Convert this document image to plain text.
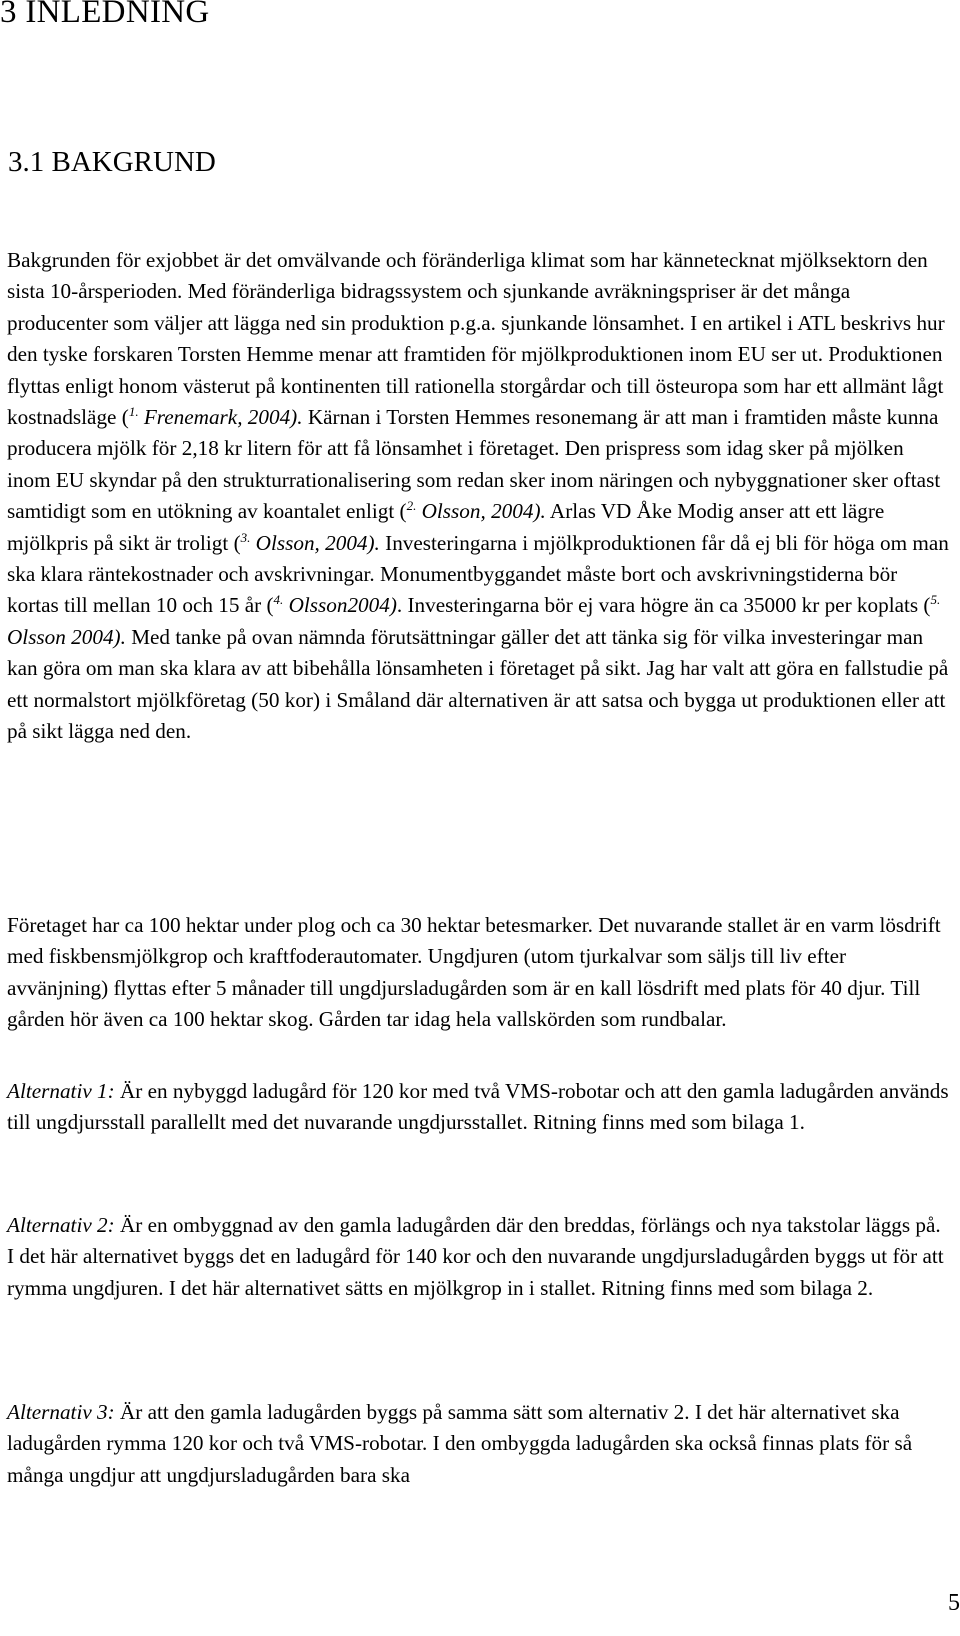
3 INLEDNING
3.1 BAKGRUND

Bakgrunden för exjobbet är det omvälvande och föränderliga klimat som har kännetecknat mjölksektorn den sista 10-årsperioden. Med föränderliga bidragssystem och sjunkande avräkningspriser är det många producenter som väljer att lägga ned sin produktion p.g.a. sjunkande lönsamhet. I en artikel i ATL beskrivs hur den tyske forskaren Torsten Hemme menar att framtiden för mjölkproduktionen inom EU ser ut. Produktionen flyttas enligt honom västerut på kontinenten till rationella storgårdar och till östeuropa som har ett allmänt lågt kostnadsläge ($^{1.}$ Frenemark, 2004). Kärnan i Torsten Hemmes resonemang är att man i framtiden måste kunna producera mjölk för 2,18 kr litern för att få lönsamhet i företaget. Den prispress som idag sker på mjölken inom EU skyndar på den strukturrationalisering som redan sker inom näringen och nybyggnationer sker oftast samtidigt som en utökning av koantalet enligt ($^{2.}$ Olsson, 2004). Arlas VD Åke Modig anser att ett lägre mjölkpris på sikt är troligt ($^{3.}$ Olsson, 2004). Investeringarna i mjölkproduktionen får då ej bli för höga om man ska klara räntekostnader och avskrivningar. Monumentbyggandet måste bort och avskrivningstiderna bör kortas till mellan 10 och 15 år ($^{4.}$ Olsson2004). Investeringarna bör ej vara högre än ca 35000 kr per koplats ($^{5.}$ Olsson 2004). Med tanke på ovan nämnda förutsättningar gäller det att tänka sig för vilka investeringar man kan göra om man ska klara av att bibehålla lönsamheten i företaget på sikt. Jag har valt att göra en fallstudie på ett normalstort mjölkföretag (50 kor) i Småland där alternativen är att satsa och bygga ut produktionen eller att på sikt lägga ned den.

Företaget har ca 100 hektar under plog och ca 30 hektar betesmarker. Det nuvarande stallet är en varm lösdrift med fiskbensmjölkgrop och kraftfoderautomater. Ungdjuren (utom tjurkalvar som säljs till liv efter avvänjning) flyttas efter 5 månader till ungdjursladugården som är en kall lösdrift med plats för 40 djur. Till gården hör även ca 100 hektar skog. Gården tar idag hela vallskörden som rundbalar.

Alternativ 1: Är en nybyggd ladugård för 120 kor med två VMS-robotar och att den gamla ladugården används till ungdjursstall parallellt med det nuvarande ungdjursstallet. Ritning finns med som bilaga 1.

Alternativ 2: Är en ombyggnad av den gamla ladugården där den breddas, förlängs och nya takstolar läggs på. I det här alternativet byggs det en ladugård för 140 kor och den nuvarande ungdjursladugården byggs ut för att rymma ungdjuren. I det här alternativet sätts en mjölkgrop in i stallet. Ritning finns med som bilaga 2.

Alternativ 3: Är att den gamla ladugården byggs på samma sätt som alternativ 2. I det här alternativet ska ladugården rymma 120 kor och två VMS-robotar. I den ombyggda ladugården ska också finnas plats för så många ungdjur att ungdjursladugården bara ska

5
